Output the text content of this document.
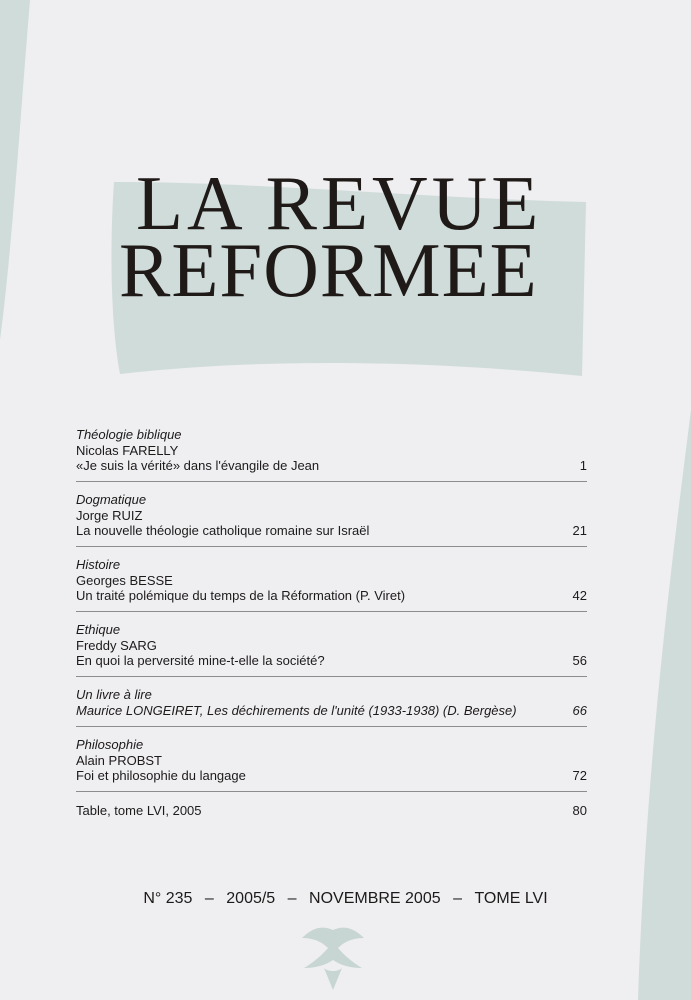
LA REVUE
REFORMEE
Théologie biblique
Nicolas FARELLY
«Je suis la vérité» dans l'évangile de Jean	1
Dogmatique
Jorge RUIZ
La nouvelle théologie catholique romaine sur Israël	21
Histoire
Georges BESSE
Un traité polémique du temps de la Réformation (P. Viret)	42
Ethique
Freddy SARG
En quoi la perversité mine-t-elle la société?	56
Un livre à lire
Maurice LONGEIRET, Les déchirements de l'unité (1933-1938) (D. Bergèse)	66
Philosophie
Alain PROBST
Foi et philosophie du langage	72
Table, tome LVI, 2005	80
N° 235 – 2005/5 – NOVEMBRE 2005 – TOME LVI
